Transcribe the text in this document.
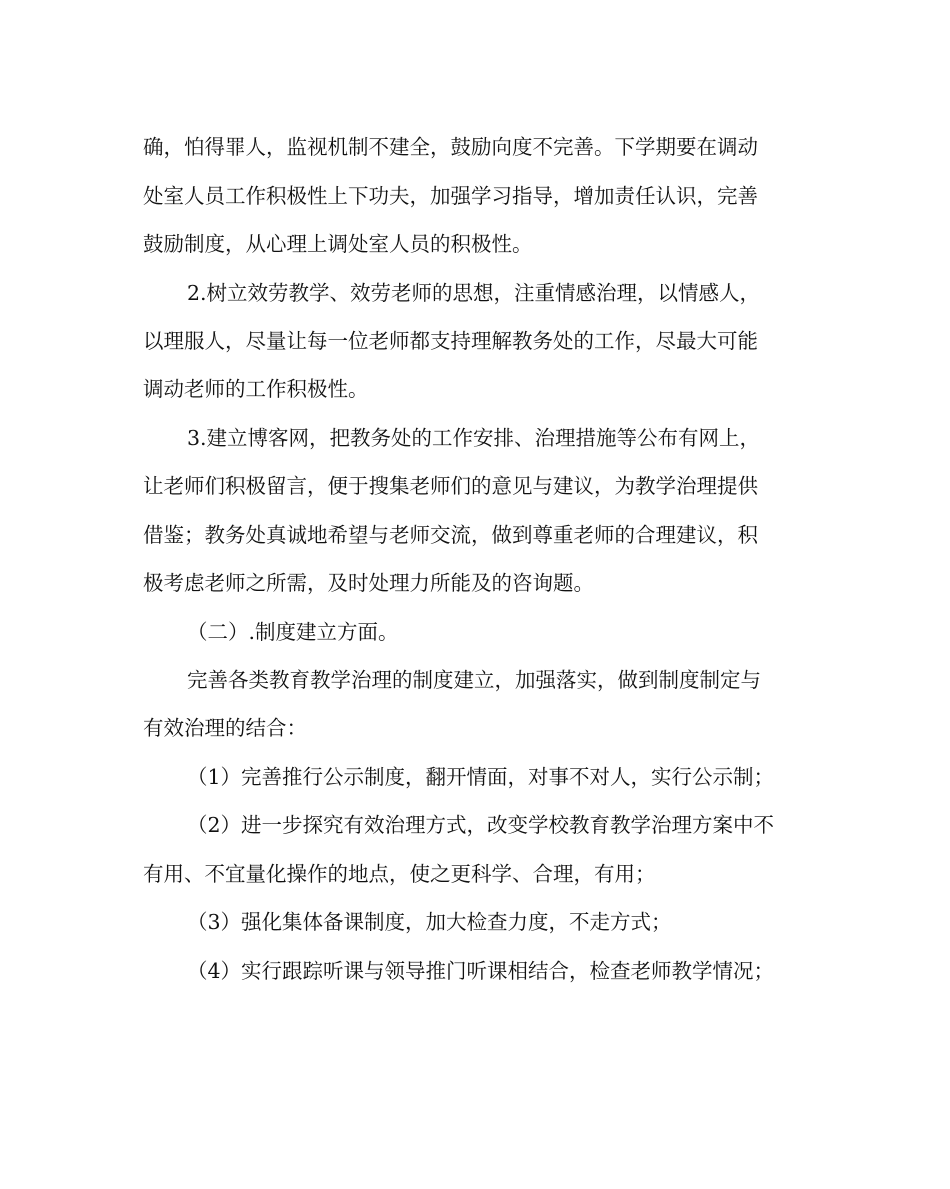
确，怕得罪人，监视机制不建全，鼓励向度不完善。下学期要在调动

处室人员工作积极性上下功夫，加强学习指导，增加责任认识，完善

鼓励制度，从心理上调处室人员的积极性。

2.树立效劳教学、效劳老师的思想，注重情感治理，以情感人，

以理服人，尽量让每一位老师都支持理解教务处的工作，尽最大可能

调动老师的工作积极性。

3.建立博客网，把教务处的工作安排、治理措施等公布有网上，

让老师们积极留言，便于搜集老师们的意见与建议，为教学治理提供

借鉴；教务处真诚地希望与老师交流，做到尊重老师的合理建议，积

极考虑老师之所需，及时处理力所能及的咨询题。

（二）.制度建立方面。

完善各类教育教学治理的制度建立，加强落实，做到制度制定与

有效治理的结合：

（1）完善推行公示制度，翻开情面，对事不对人，实行公示制；

（2）进一步探究有效治理方式，改变学校教育教学治理方案中不

有用、不宜量化操作的地点，使之更科学、合理，有用；

（3）强化集体备课制度，加大检查力度，不走方式；

（4）实行跟踪听课与领导推门听课相结合，检查老师教学情况；
